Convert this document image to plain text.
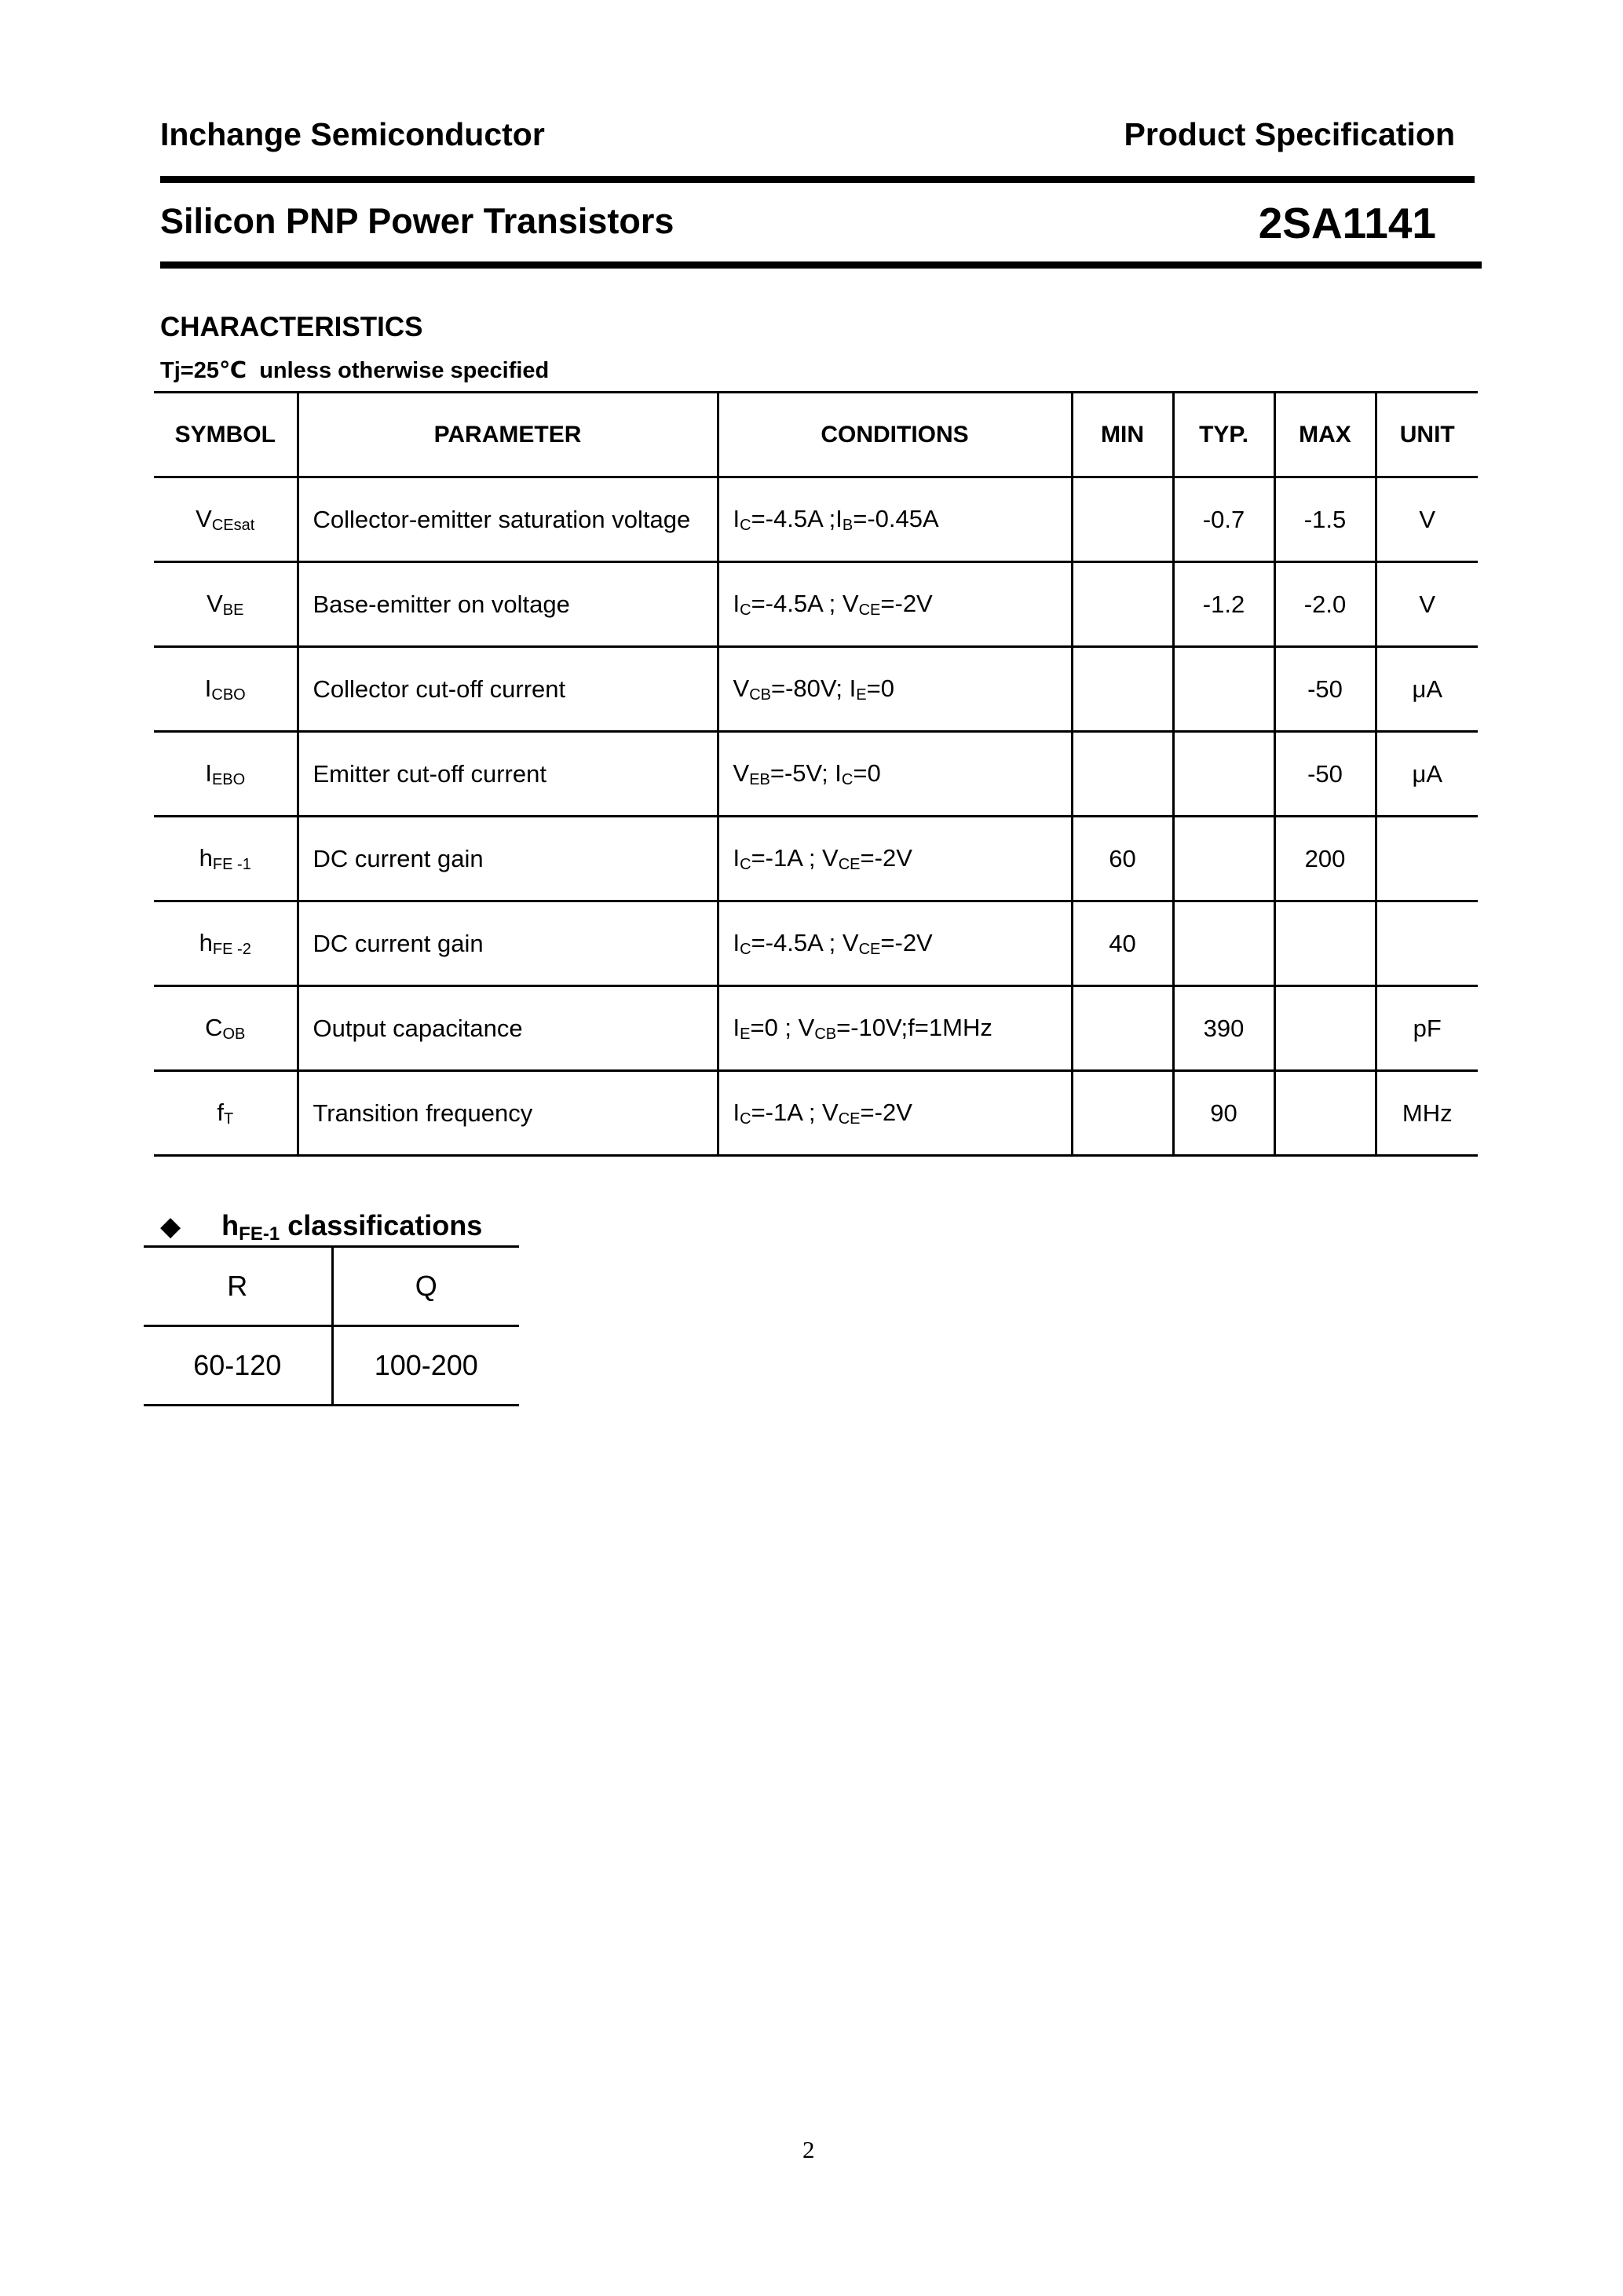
Inchange Semiconductor	Product Specification
Silicon PNP Power Transistors	2SA1141
CHARACTERISTICS
Tj=25℃  unless otherwise specified
SYMBOL	PARAMETER	CONDITIONS	MIN	TYP.	MAX	UNIT
$V_{CEsat}$	Collector-emitter saturation voltage	$I_C=-4.5A$ $;I_B=-0.45A$		-0.7	-1.5	V
$V_{BE}$	Base-emitter on voltage	$I_C=-4.5A$ ; $V_{CE}=-2V$		-1.2	-2.0	V
$I_{CBO}$	Collector cut-off current	$V_{CB}=-80V$; $I_E=0$			-50	μA
$I_{EBO}$	Emitter cut-off current	$V_{EB}=-5V$; $I_C=0$			-50	μA
$h_{FE -1}$	DC current gain	$I_C=-1A$ ; $V_{CE}=-2V$	60		200	
$h_{FE -2}$	DC current gain	$I_C=-4.5A$ ; $V_{CE}=-2V$	40			
$C_{OB}$	Output capacitance	$I_E=0$ ; $V_{CB}=-10V;f=1MHz$		390		pF
$f_T$	Transition frequency	$I_C=-1A$ ; $V_{CE}=-2V$		90		MHz
◆ $h_{FE-1}$ classifications
R	Q
60-120	100-200
2
